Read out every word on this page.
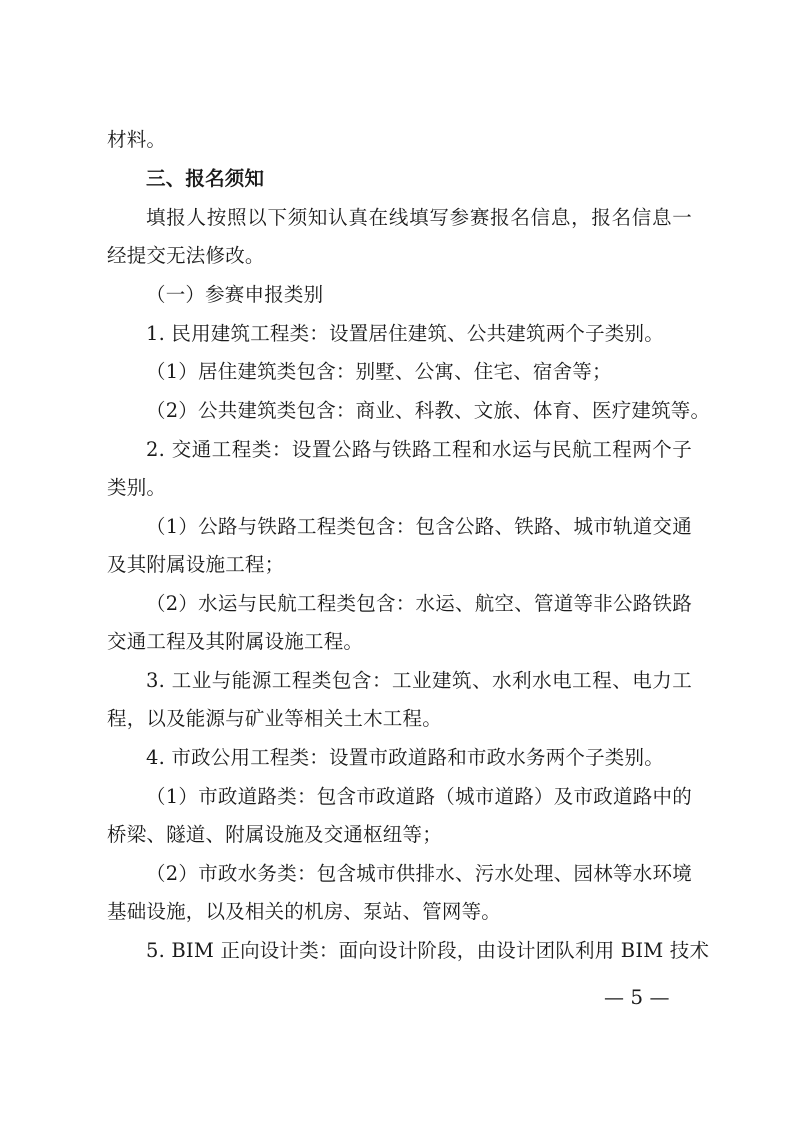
材料。
三、报名须知
填报人按照以下须知认真在线填写参赛报名信息，报名信息一
经提交无法修改。
（一）参赛申报类别
1. 民用建筑工程类：设置居住建筑、公共建筑两个子类别。
（1）居住建筑类包含：别墅、公寓、住宅、宿舍等；
（2）公共建筑类包含：商业、科教、文旅、体育、医疗建筑等。
2. 交通工程类：设置公路与铁路工程和水运与民航工程两个子
类别。
（1）公路与铁路工程类包含：包含公路、铁路、城市轨道交通
及其附属设施工程；
（2）水运与民航工程类包含：水运、航空、管道等非公路铁路
交通工程及其附属设施工程。
3. 工业与能源工程类包含：工业建筑、水利水电工程、电力工
程，以及能源与矿业等相关土木工程。
4. 市政公用工程类：设置市政道路和市政水务两个子类别。
（1）市政道路类：包含市政道路（城市道路）及市政道路中的
桥梁、隧道、附属设施及交通枢纽等；
（2）市政水务类：包含城市供排水、污水处理、园林等水环境
基础设施，以及相关的机房、泵站、管网等。
5. BIM 正向设计类：面向设计阶段，由设计团队利用 BIM 技术
— 5 —
